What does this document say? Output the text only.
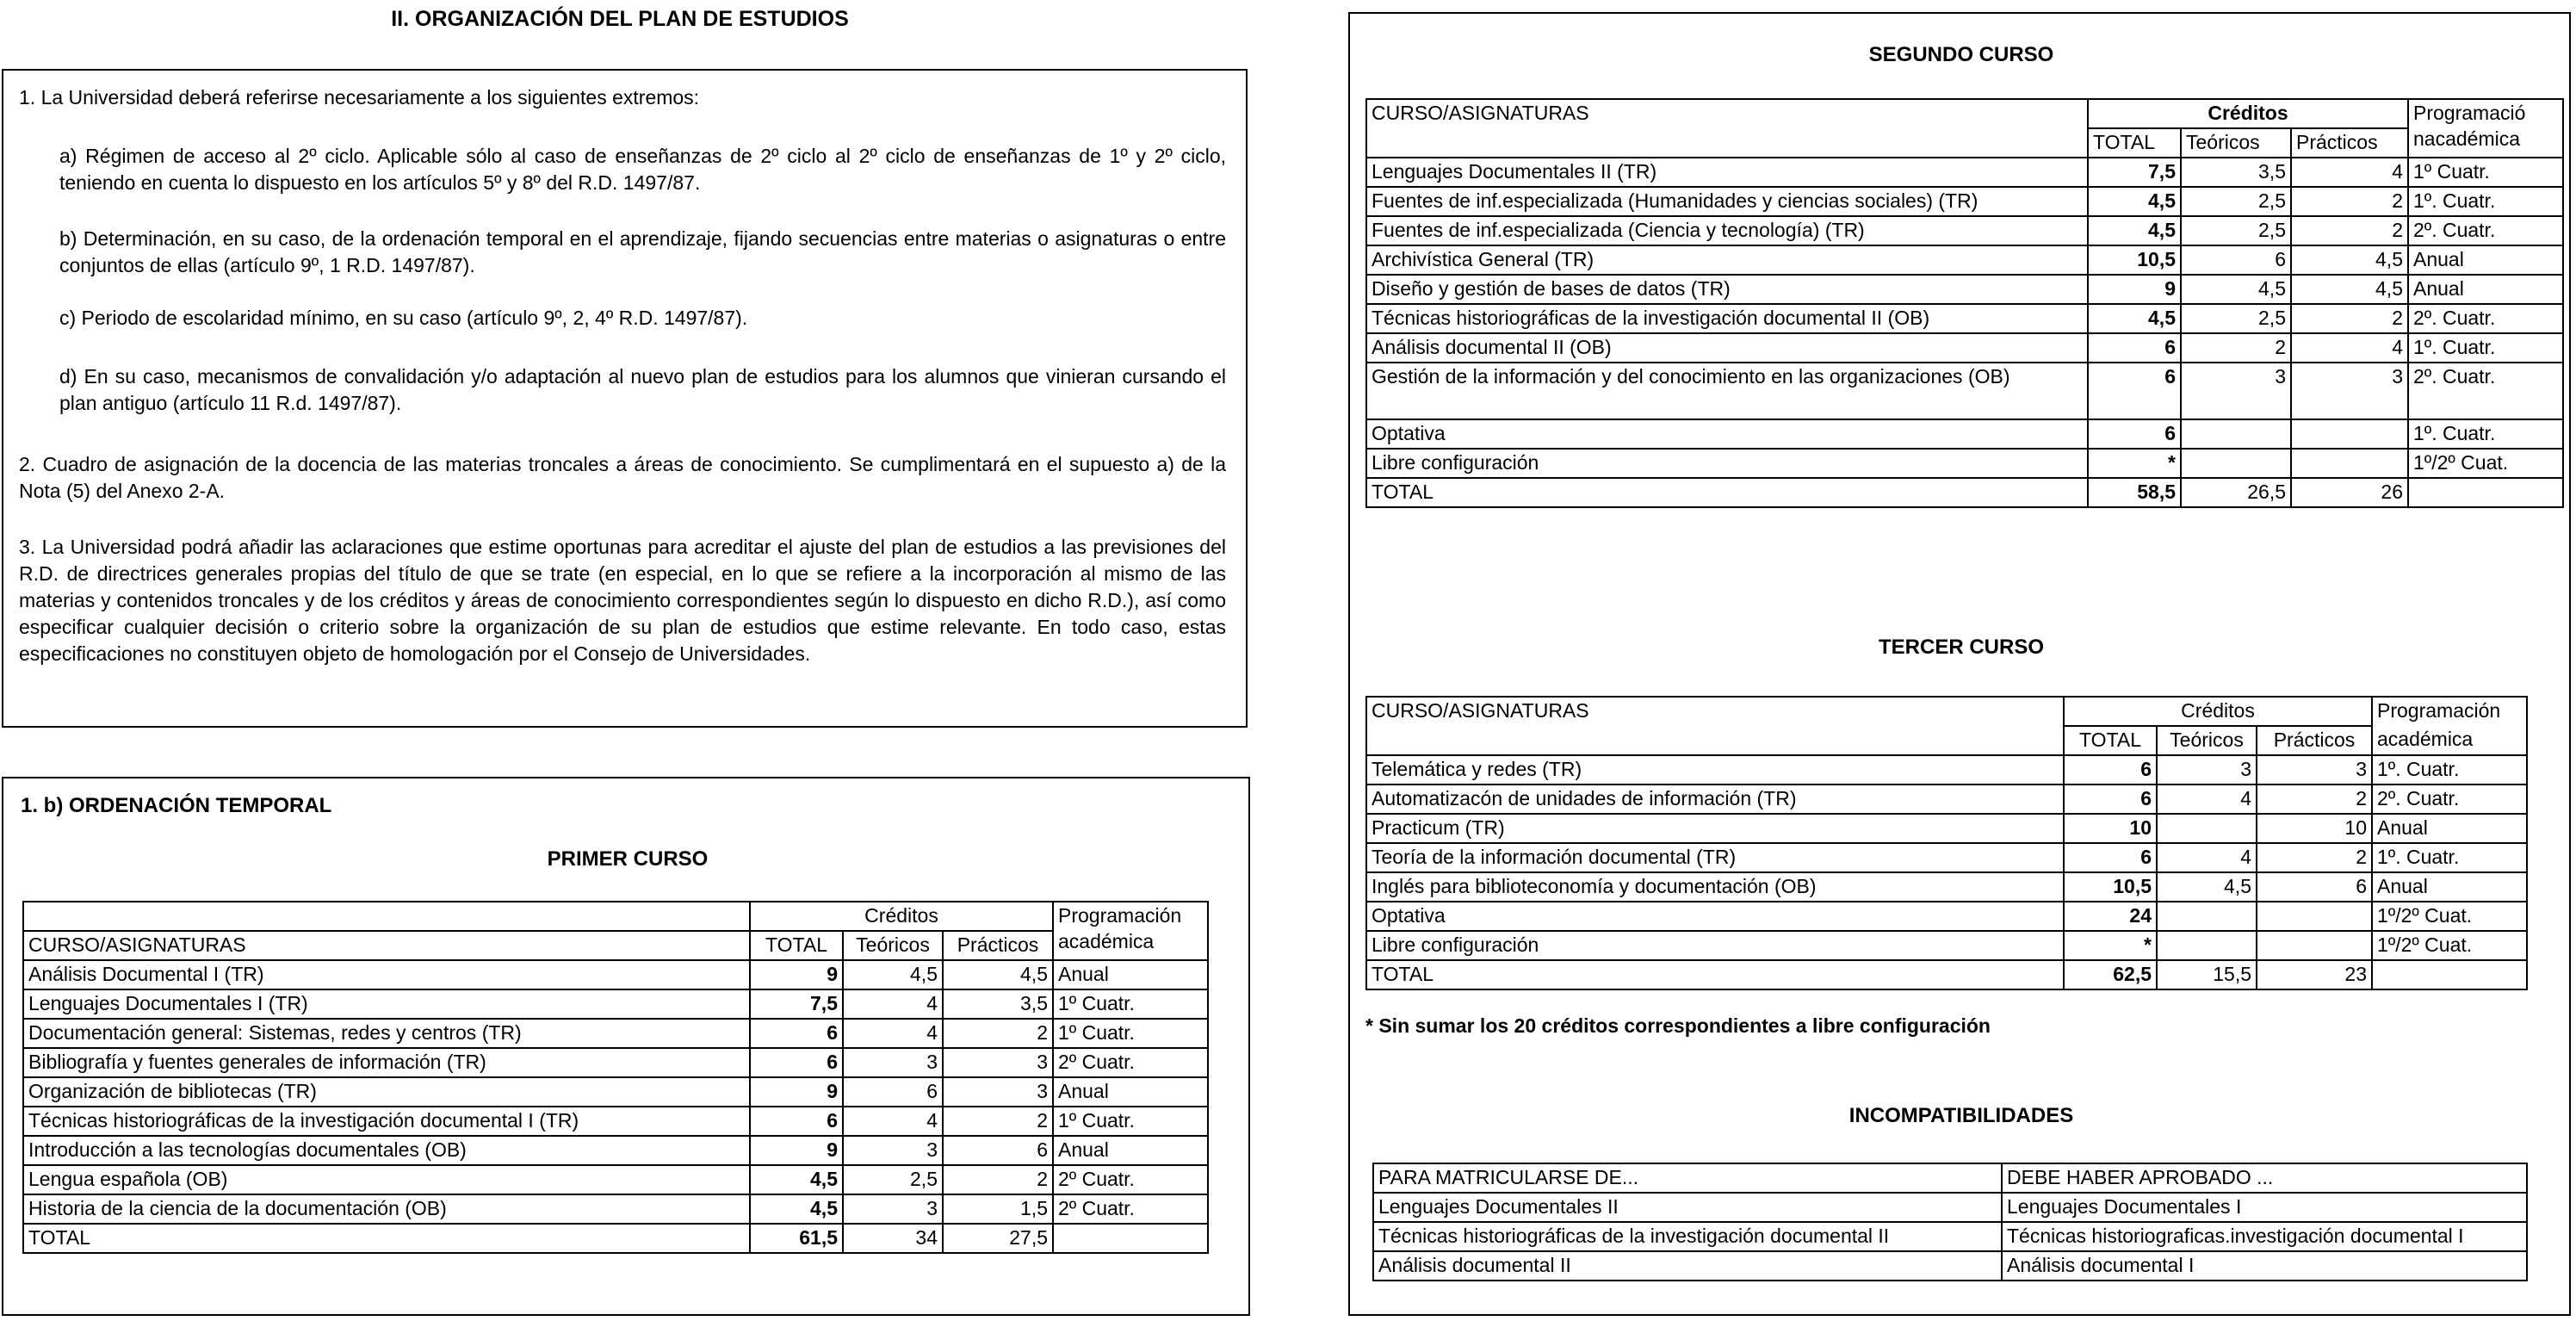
II. ORGANIZACIÓN DEL PLAN DE ESTUDIOS
1. La Universidad deberá referirse necesariamente a los siguientes extremos:
a) Régimen de acceso al 2º ciclo. Aplicable sólo al caso de enseñanzas de 2º ciclo al 2º ciclo de enseñanzas de 1º y 2º ciclo, teniendo en cuenta lo dispuesto en los artículos 5º y 8º del R.D. 1497/87.
b) Determinación, en su caso, de la ordenación temporal en el aprendizaje, fijando secuencias entre materias o asignaturas o entre conjuntos de ellas (artículo 9º, 1 R.D. 1497/87).
c) Periodo de escolaridad mínimo, en su caso (artículo 9º, 2, 4º R.D. 1497/87).
d) En su caso, mecanismos de convalidación y/o adaptación al nuevo plan de estudios para los alumnos que vinieran cursando el plan antiguo (artículo 11 R.d. 1497/87).
2. Cuadro de asignación de la docencia de las materias troncales a áreas de conocimiento. Se cumplimentará en el supuesto a) de la Nota (5) del Anexo 2-A.
3. La Universidad podrá añadir las aclaraciones que estime oportunas para acreditar el ajuste del plan de estudios a las previsiones del R.D. de directrices generales propias del título de que se trate (en especial, en lo que se refiere a la incorporación al mismo de las materias y contenidos troncales y de los créditos y áreas de conocimiento correspondientes según lo dispuesto en dicho R.D.), así como especificar cualquier decisión o criterio sobre la organización de su plan de estudios que estime relevante. En todo caso, estas especificaciones no constituyen objeto de homologación por el Consejo de Universidades.
1. b) ORDENACIÓN TEMPORAL
PRIMER CURSO
	Créditos			Programación académica
CURSO/ASIGNATURAS	TOTAL	Teóricos	Prácticos	
Análisis Documental I (TR)	9	4,5	4,5	Anual
Lenguajes Documentales I (TR)	7,5	4	3,5	1º Cuatr.
Documentación general: Sistemas, redes y centros (TR)	6	4	2	1º Cuatr.
Bibliografía y fuentes generales de información (TR)	6	3	3	2º Cuatr.
Organización de bibliotecas (TR)	9	6	3	Anual
Técnicas historiográficas de la investigación documental I (TR)	6	4	2	1º Cuatr.
Introducción a las tecnologías documentales (OB)	9	3	6	Anual
Lengua española (OB)	4,5	2,5	2	2º Cuatr.
Historia de la ciencia de la documentación (OB)	4,5	3	1,5	2º Cuatr.
TOTAL	61,5	34	27,5	
SEGUNDO CURSO
CURSO/ASIGNATURAS	Créditos			Programació nacadémica
	TOTAL	Teóricos	Prácticos	
Lenguajes Documentales II (TR)	7,5	3,5	4	1º Cuatr.
Fuentes de inf.especializada (Humanidades y ciencias sociales) (TR)	4,5	2,5	2	1º. Cuatr.
Fuentes de inf.especializada (Ciencia y tecnología) (TR)	4,5	2,5	2	2º. Cuatr.
Archivística General (TR)	10,5	6	4,5	Anual
Diseño y gestión de bases de datos (TR)	9	4,5	4,5	Anual
Técnicas historiográficas de la investigación documental II (OB)	4,5	2,5	2	2º. Cuatr.
Análisis documental II (OB)	6	2	4	1º. Cuatr.
Gestión de la información y del conocimiento en las organizaciones (OB)	6	3	3	2º. Cuatr.
Optativa	6			1º. Cuatr.
Libre configuración	*			1º/2º Cuat.
TOTAL	58,5	26,5	26	
TERCER CURSO
CURSO/ASIGNATURAS	Créditos			Programación
	TOTAL	Teóricos	Prácticos	académica
Telemática y redes (TR)	6	3	3	1º. Cuatr.
Automatizacón de unidades de información (TR)	6	4	2	2º. Cuatr.
Practicum (TR)	10		10	Anual
Teoría de la información documental (TR)	6	4	2	1º. Cuatr.
Inglés para biblioteconomía y documentación (OB)	10,5	4,5	6	Anual
Optativa	24			1º/2º Cuat.
Libre configuración	*			1º/2º Cuat.
TOTAL	62,5	15,5	23	
* Sin sumar los 20 créditos correspondientes a libre configuración
INCOMPATIBILIDADES
PARA MATRICULARSE DE...	DEBE HABER APROBADO ...
Lenguajes Documentales II	Lenguajes Documentales I
Técnicas historiográficas de la investigación documental II	Técnicas historiograficas.investigación documental I
Análisis documental II	Análisis documental I
